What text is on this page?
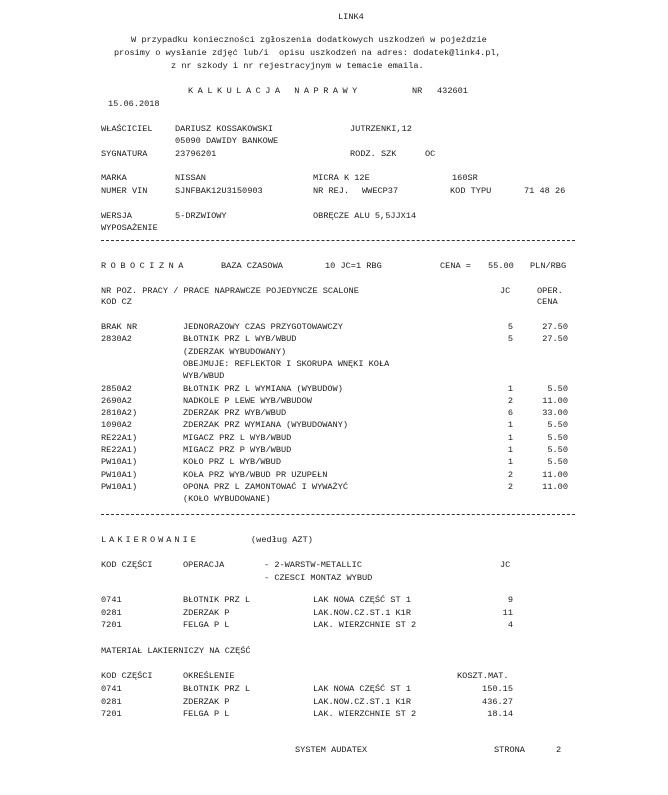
LINK4
W przypadku konieczności zgłoszenia dodatkowych uszkodzeń w pojeździe
prosimy o wysłanie zdjęć lub/i  opisu uszkodzeń na adres: dodatek@link4.pl,
z nr szkody i nr rejestracyjnym w temacie emaila.
KALKULACJA NAPRAWY	NR 432601
15.06.2018
WŁAŚCICIEL	DARIUSZ KOSSAKOWSKI	JUTRZENKI,12
05090 DAWIDY BANKOWE
SYGNATURA	23796201	RODZ. SZK	OC
MARKA	NISSAN	MICRA K 12E	160SR
NUMER VIN	SJNFBAK12U3150903	NR REJ. WWECP37	KOD TYPU	71 48 26
WERSJA	5-DRZWIOWY	OBRĘCZE ALU 5,5JJX14
WYPOSAŻENIE
ROBOCIZNA	BAZA CZASOWA	10 JC=1 RBG	CENA = 55.00 PLN/RBG
NR POZ. PRACY / PRACE NAPRAWCZE POJEDYNCZE SCALONE	JC	OPER.
KOD CZ	CENA
BRAK NR	JEDNORAZOWY CZAS PRZYGOTOWAWCZY	5	27.50
2830A2	BŁOTNIK PRZ L WYB/WBUD	5	27.50
(ZDERZAK WYBUDOWANY)
OBEJMUJE: REFLEKTOR I SKORUPA WNĘKI KOŁA
WYB/WBUD
2850A2	BŁOTNIK PRZ L WYMIANA (WYBUDOW)	1	5.50
2690A2	NADKOLE P LEWE WYB/WBUDOW	2	11.00
2810A2)	ZDERZAK PRZ WYB/WBUD	6	33.00
1090A2	ZDERZAK PRZ WYMIANA (WYBUDOWANY)	1	5.50
RE22A1)	MIGACZ PRZ L WYB/WBUD	1	5.50
RE22A1)	MIGACZ PRZ P WYB/WBUD	1	5.50
PW10A1)	KOŁO PRZ L WYB/WBUD	1	5.50
PW10A1)	KOŁA PRZ WYB/WBUD PR UZUPEŁN	2	11.00
PW10A1)	OPONA PRZ L ZAMONTOWAĆ I WYWAŻYĆ	2	11.00
(KOŁO WYBUDOWANE)
LAKIEROWANIE	(według AZT)
KOD CZĘŚCI	OPERACJA	- 2-WARSTW-METALLIC	JC
- CZESCI MONTAZ WYBUD
0741	BŁOTNIK PRZ L	LAK NOWA CZĘŚĆ ST 1	9
0281	ZDERZAK P	LAK.NOW.CZ.ST.1 K1R	11
7201	FELGA P L	LAK. WIERZCHNIE ST 2	4
MATERIAŁ LAKIERNICZY NA CZĘŚĆ
KOD CZĘŚCI	OKREŚLENIE	KOSZT.MAT.
0741	BŁOTNIK PRZ L	LAK NOWA CZĘŚĆ ST 1	150.15
0281	ZDERZAK P	LAK.NOW.CZ.ST.1 K1R	436.27
7201	FELGA P L	LAK. WIERZCHNIE ST 2	18.14
SYSTEM AUDATEX	STRONA	2
